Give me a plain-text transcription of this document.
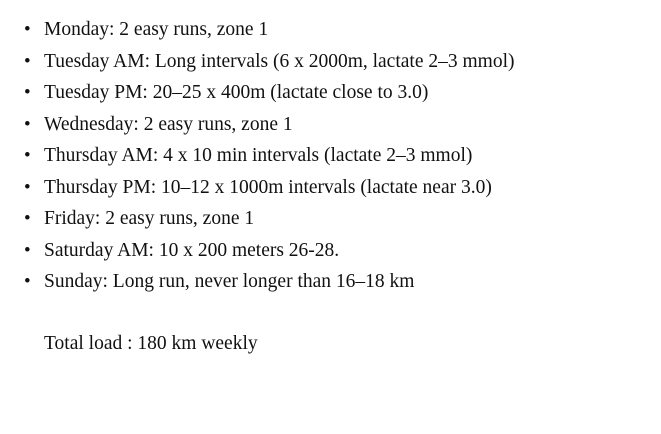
• Monday: 2 easy runs, zone 1
• Tuesday AM: Long intervals (6 x 2000m, lactate 2–3 mmol)
• Tuesday PM: 20–25 x 400m (lactate close to 3.0)
• Wednesday: 2 easy runs, zone 1
• Thursday AM: 4 x 10 min intervals (lactate 2–3 mmol)
• Thursday PM: 10–12 x 1000m intervals (lactate near 3.0)
• Friday: 2 easy runs, zone 1
• Saturday AM: 10 x 200 meters 26-28.
• Sunday: Long run, never longer than 16–18 km
Total load : 180 km weekly
